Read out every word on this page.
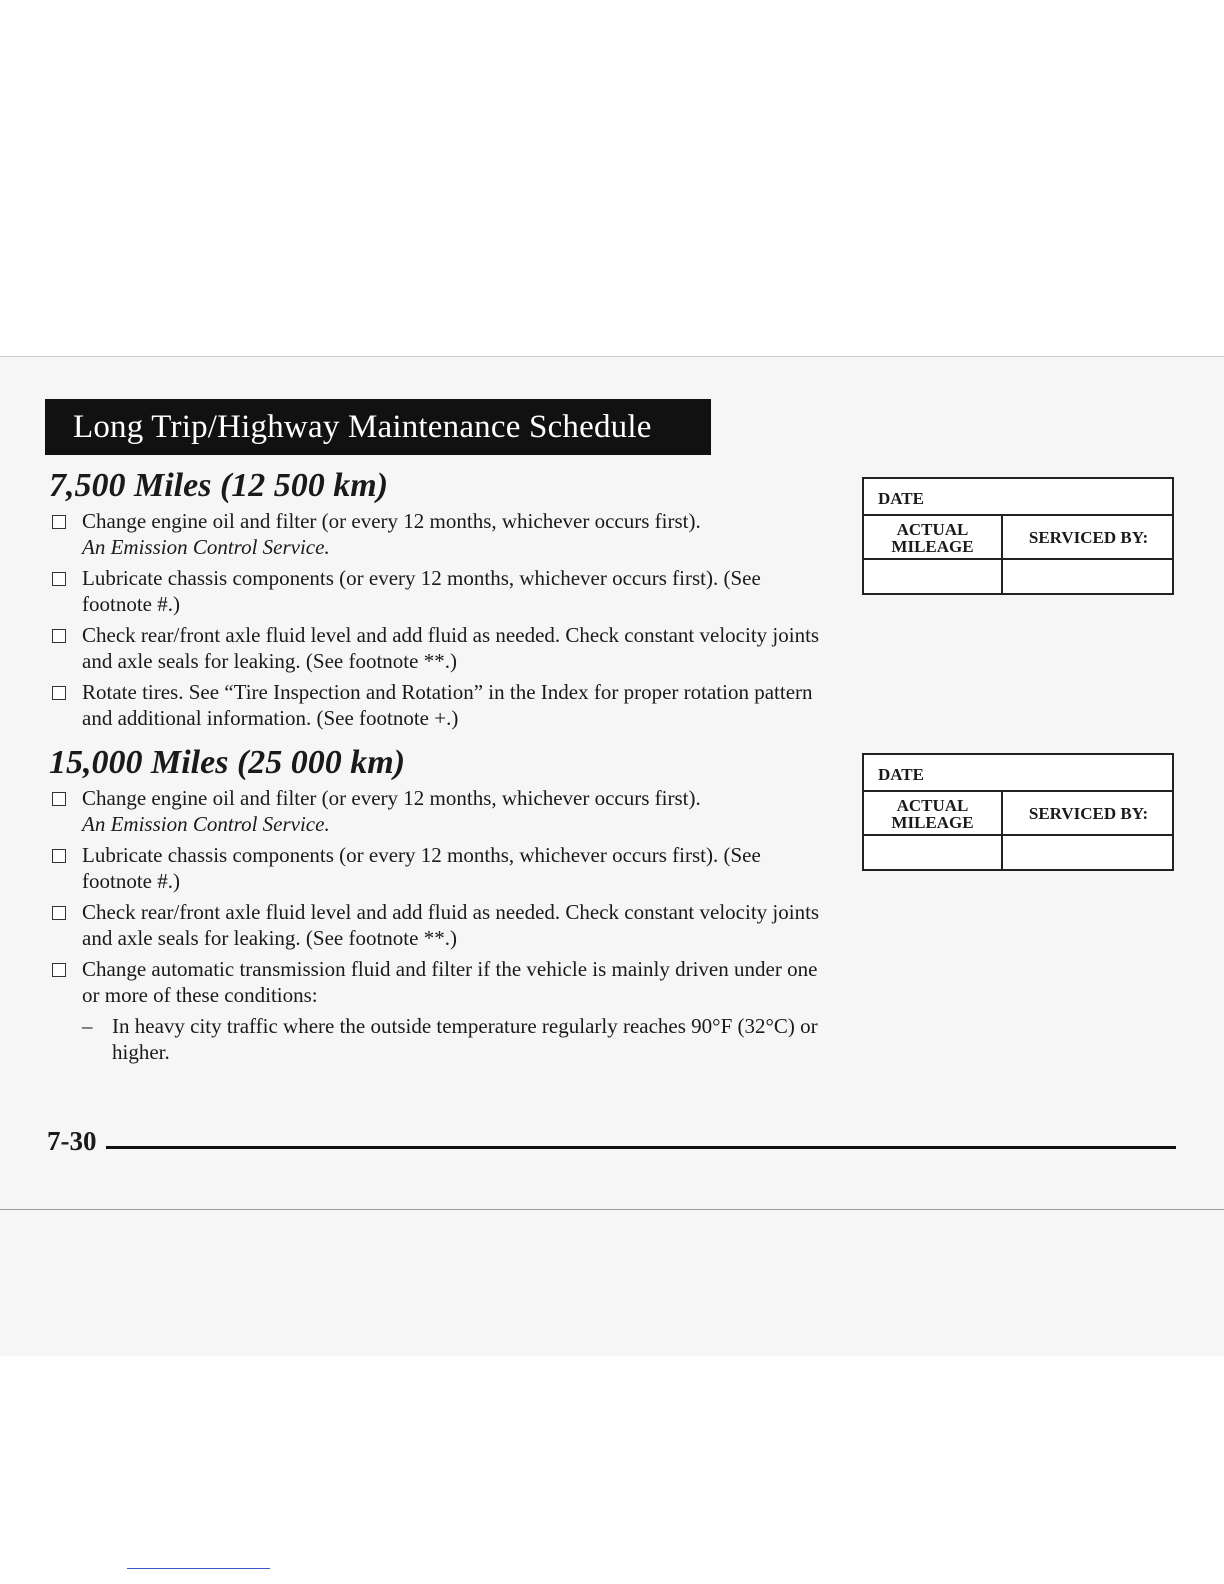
Long Trip/Highway Maintenance Schedule
7,500 Miles (12 500 km)
Change engine oil and filter (or every 12 months, whichever occurs first).
An Emission Control Service.
Lubricate chassis components (or every 12 months, whichever occurs first). (See footnote #.)
Check rear/front axle fluid level and add fluid as needed. Check constant velocity joints and axle seals for leaking. (See footnote **.)
Rotate tires. See “Tire Inspection and Rotation” in the Index for proper rotation pattern and additional information. (See footnote +.)
15,000 Miles (25 000 km)
Change engine oil and filter (or every 12 months, whichever occurs first).
An Emission Control Service.
Lubricate chassis components (or every 12 months, whichever occurs first). (See footnote #.)
Check rear/front axle fluid level and add fluid as needed. Check constant velocity joints and axle seals for leaking. (See footnote **.)
Change automatic transmission fluid and filter if the vehicle is mainly driven under one or more of these conditions:
– In heavy city traffic where the outside temperature regularly reaches 90°F (32°C) or higher.
DATE
ACTUAL
MILEAGE	SERVICED BY:
DATE
ACTUAL
MILEAGE	SERVICED BY:
7-30
